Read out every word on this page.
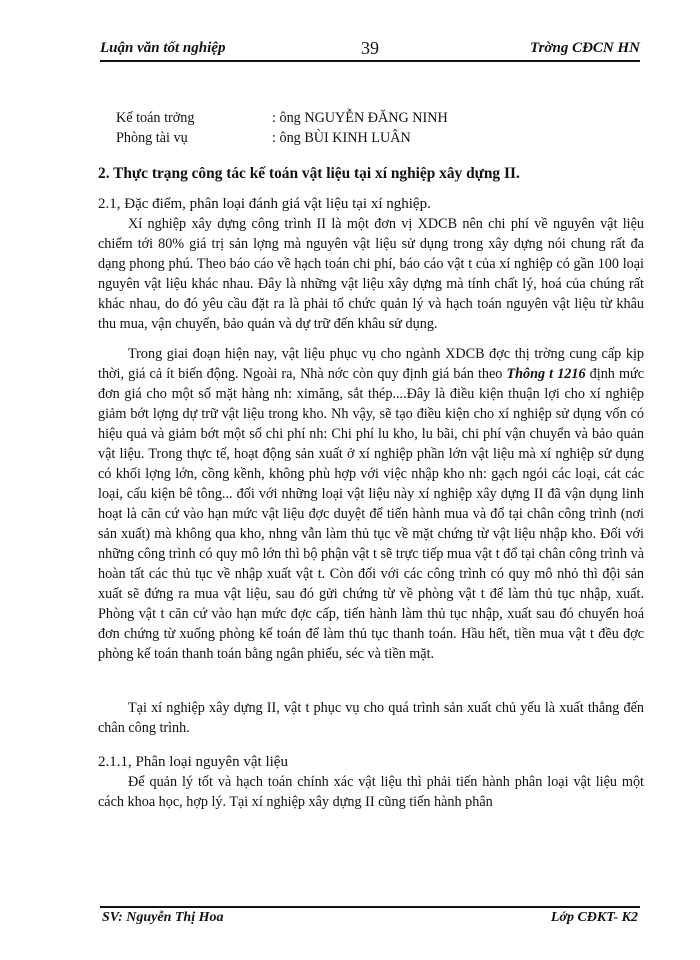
Luận văn tốt nghiệp	39	Trờng CĐCN HN
Kế toán trởng	: ông NGUYỄN ĐĂNG NINH
Phòng tài vụ	: ông BÙI KINH LUÂN
2. Thực trạng công tác kế toán vật liệu tại xí nghiệp xây dựng II.
2.1, Đặc điểm, phân loại đánh giá vật liệu tại xí nghiệp.

Xí nghiệp xây dựng công trình II là một đơn vị XDCB nên chi phí về nguyên vật liệu chiếm tới 80% giá trị sản lợng mà nguyên vật liệu sử dụng trong xây dựng nói chung rất đa dạng phong phú. Theo báo cáo về hạch toán chi phí, báo cáo vật t của xí nghiệp có gần 100 loại nguyên vật liệu khác nhau. Đây là những vật liệu xây dựng mà tính chất lý, hoá của chúng rất khác nhau, do đó yêu cầu đặt ra là phải tổ chức quản lý và hạch toán nguyên vật liệu từ khâu thu mua, vận chuyển, bảo quản và dự trữ đến khâu sử dụng.

Trong giai đoạn hiện nay, vật liệu phục vụ cho ngành XDCB đợc thị trờng cung cấp kịp thời, giá cả ít biến động. Ngoài ra, Nhà nớc còn quy định giá bán theo Thông t 1216 định mức đơn giá cho một số mặt hàng nh: ximăng, sắt thép....Đây là điều kiện thuận lợi cho xí nghiệp giảm bớt lợng dự trữ vật liệu trong kho. Nh vậy, sẽ tạo điều kiện cho xí nghiệp sử dụng vốn có hiệu quả và giảm bớt một số chi phí nh: Chi phí lu kho, lu bãi, chi phí vận chuyển và bảo quản vật liệu. Trong thực tế, hoạt động sản xuất ở xí nghiệp phần lớn vật liệu mà xí nghiệp sử dụng có khối lợng lớn, cồng kềnh, không phù hợp với việc nhập kho nh: gạch ngói các loại, cát các loại, cấu kiện bê tông... đối với những loại vật liệu này xí nghiệp xây dựng II đã vận dụng linh hoạt là căn cứ vào hạn mức vật liệu đợc duyệt để tiến hành mua và đổ tại chân công trình (nơi sản xuất) mà không qua kho, nhng vẫn làm thủ tục về mặt chứng từ vật liệu nhập kho. Đối với những công trình có quy mô lớn thì bộ phận vật t sẽ trực tiếp mua vật t đổ tại chân công trình và hoàn tất các thủ tục về nhập xuất vật t. Còn đối với các công trình có quy mô nhỏ thì đội sản xuất sẽ đứng ra mua vật liệu, sau đó gửi chứng từ về phòng vật t để làm thủ tục nhập, xuất. Phòng vật t căn cứ vào hạn mức đợc cấp, tiến hành làm thủ tục nhập, xuất sau đó chuyển hoá đơn chứng từ xuống phòng kế toán để làm thủ tục thanh toán. Hầu hết, tiền mua vật t đều đợc phòng kế toán thanh toán bằng ngân phiếu, séc và tiền mặt.

Tại xí nghiệp xây dựng II, vật t phục vụ cho quá trình sản xuất chủ yếu là xuất thẳng đến chân công trình.

2.1.1, Phân loại nguyên vật liệu

Để quản lý tốt và hạch toán chính xác vật liệu thì phải tiến hành phân loại vật liệu một cách khoa học, hợp lý. Tại xí nghiệp xây dựng II cũng tiến hành phân

SV: Nguyễn Thị Hoa	Lớp CĐKT- K2
